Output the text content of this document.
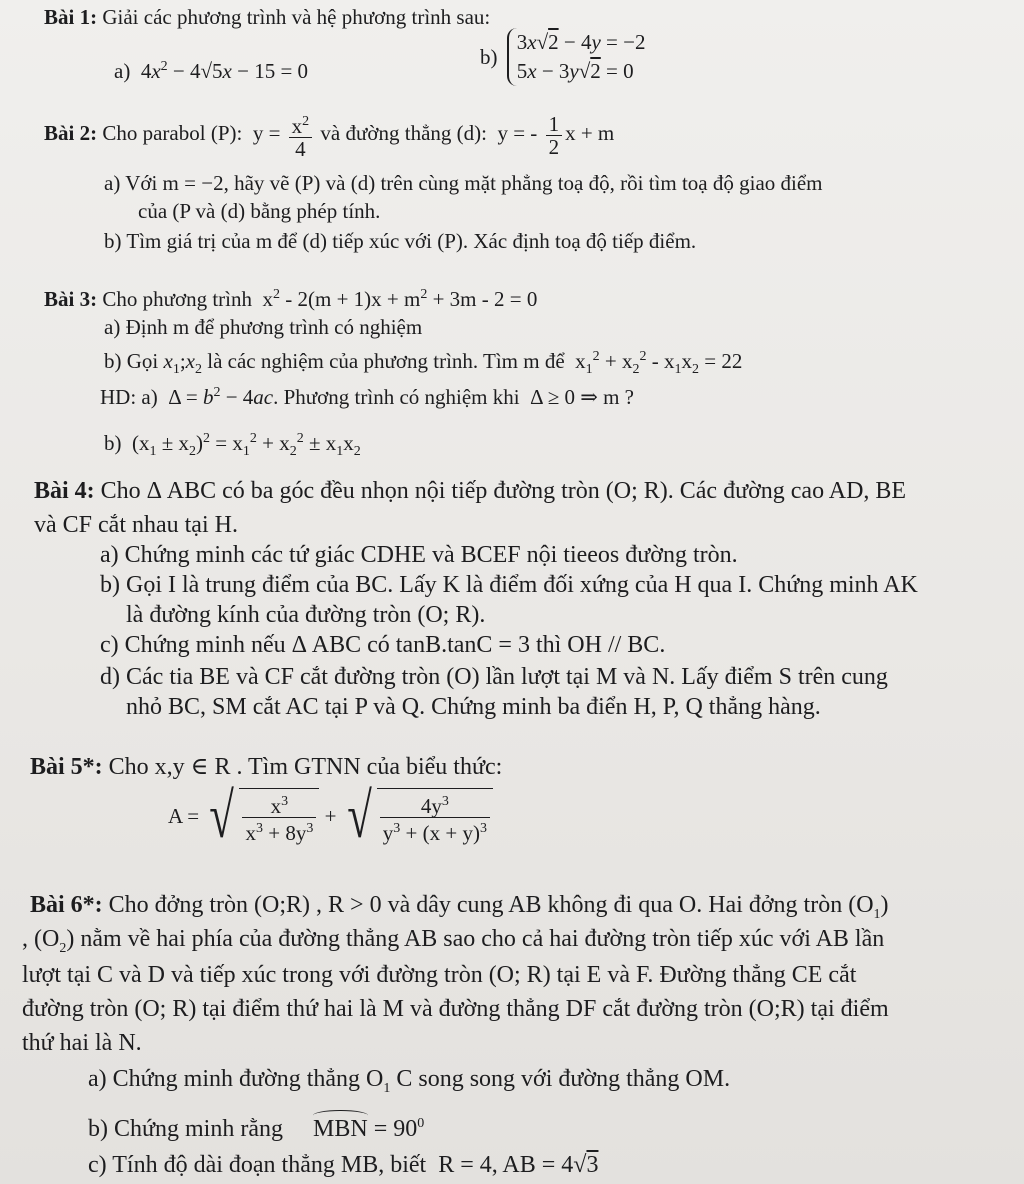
Bài 1: Giải các phương trình và hệ phương trình sau:
a)  $4x^2 - 4√5x - 15 = 0$
b)
3x√2 − 4y = −2
5x − 3y√2 = 0
Bài 2: Cho parabol (P):  $y = \frac{x^2}{4}$ và đường thẳng (d):  y = - $\frac{1}{2}$ x + m
a) Với m = −2, hãy vẽ (P) và (d) trên cùng mặt phẳng toạ độ, rồi tìm toạ độ giao điểm
của (P và (d) bằng phép tính.
b) Tìm giá trị của m để (d) tiếp xúc với (P). Xác định toạ độ tiếp điểm.
Bài 3: Cho phương trình  $x^2 - 2(m + 1)x + m^2 + 3m - 2 = 0$
a) Định m để phương trình có nghiệm
b) Gọi $x_1;x_2$ là các nghiệm của phương trình. Tìm m để  $x_1^2 + x_2^2 - x_1x_2 = 22$
HD: a)  $\Delta = b^2 - 4ac$. Phương trình có nghiệm khi  Δ ≥ 0 ⇒ m ?
b)  $(x_1 \pm x_2)^2 = x_1^2 + x_2^2 \pm x_1x_2$
Bài 4: Cho Δ ABC có ba góc đều nhọn nội tiếp đường tròn (O; R). Các đường cao AD, BE
và CF cắt nhau tại H.
a) Chứng minh các tứ giác CDHE và BCEF nội tieeos đường tròn.
b) Gọi I là trung điểm của BC. Lấy K là điểm đối xứng của H qua I. Chứng minh AK
là đường kính của đường tròn (O; R).
c) Chứng minh nếu Δ ABC có tanB.tanC = 3 thì OH // BC.
d) Các tia BE và CF cắt đường tròn (O) lần lượt tại M và N. Lấy điểm S trên cung
nhỏ BC, SM cắt AC tại P và Q. Chứng minh ba điển H, P, Q thẳng hàng.
Bài 5*: Cho x,y ∈ R . Tìm GTNN của biểu thức:
A = √ $\frac{x^3}{x^3 + 8y^3}$ + √ $\frac{4y^3}{y^3 + (x + y)^3}$
Bài 6*: Cho đởng tròn (O;R) , R > 0 và dây cung AB không đi qua O. Hai đởng tròn $(O_1)$
, $(O_2)$ nằm về hai phía của đường thẳng AB sao cho cả hai đường tròn tiếp xúc với AB lần
lượt tại C và D và tiếp xúc trong với đường tròn (O; R) tại E và F. Đường thẳng CE cắt
đường tròn (O; R) tại điểm thứ hai là M và đường thẳng DF cắt đường tròn (O;R) tại điểm
thứ hai là N.
a) Chứng minh đường thẳng $O_1$ C song song với đường thẳng OM.
b) Chứng minh rằng MBN = $90^0$
c) Tính độ dài đoạn thẳng MB, biết  R = 4, AB = 4√3
